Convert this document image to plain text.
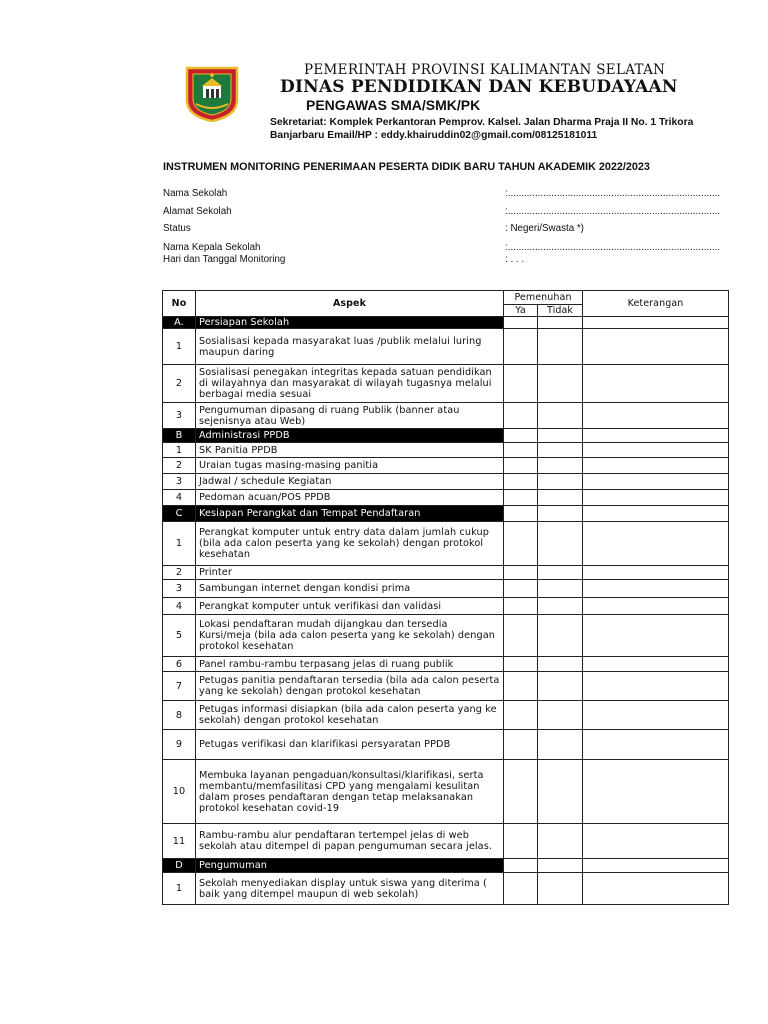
PEMERINTAH PROVINSI KALIMANTAN SELATAN
DINAS PENDIDIKAN DAN KEBUDAYAAN
PENGAWAS SMA/SMK/PK
Sekretariat: Komplek Perkantoran Pemprov. Kalsel. Jalan Dharma Praja II No. 1 Trikora
Banjarbaru Email/HP : eddy.khairuddin02@gmail.com/08125181011
INSTRUMEN MONITORING PENERIMAAN PESERTA DIDIK BARU TAHUN AKADEMIK 2022/2023
Nama Sekolah	:..............................................................................
Alamat Sekolah	:..............................................................................
Status	: Negeri/Swasta *)
Nama Kepala Sekolah	:..............................................................................
Hari dan Tanggal Monitoring	: . . .
No	Aspek	Pemenuhan		Keterangan
		Ya	Tidak	
A.	Persiapan Sekolah			
1	Sosialisasi kepada masyarakat luas /publik melalui luring maupun daring			
2	Sosialisasi penegakan integritas kepada satuan pendidikan di wilayahnya dan masyarakat di wilayah tugasnya melalui berbagai media sesuai			
3	Pengumuman dipasang di ruang Publik (banner atau sejenisnya atau Web)			
B	Administrasi PPDB			
1	SK Panitia PPDB			
2	Uraian tugas masing-masing panitia			
3	Jadwal / schedule Kegiatan			
4	Pedoman acuan/POS PPDB			
C	Kesiapan Perangkat dan Tempat Pendaftaran			
1	Perangkat komputer untuk entry data dalam jumlah cukup (bila ada calon peserta yang ke sekolah) dengan protokol kesehatan			
2	Printer			
3	Sambungan internet dengan kondisi prima			
4	Perangkat komputer untuk verifikasi dan validasi			
5	Lokasi pendaftaran mudah dijangkau dan tersedia Kursi/meja (bila ada calon peserta yang ke sekolah) dengan protokol kesehatan			
6	Panel rambu-rambu terpasang jelas di ruang publik			
7	Petugas panitia pendaftaran tersedia (bila ada calon peserta yang ke sekolah) dengan protokol kesehatan			
8	Petugas informasi disiapkan (bila ada calon peserta yang ke sekolah) dengan protokol kesehatan			
9	Petugas verifikasi dan klarifikasi persyaratan PPDB			
10	Membuka layanan pengaduan/konsultasi/klarifikasi, serta membantu/memfasilitasi CPD yang mengalami kesulitan dalam proses pendaftaran dengan tetap melaksanakan protokol kesehatan covid-19			
11	Rambu-rambu alur pendaftaran tertempel jelas di web sekolah atau ditempel di papan pengumuman secara jelas.			
D	Pengumuman			
1	Sekolah menyediakan display untuk siswa yang diterima ( baik yang ditempel maupun di web sekolah)			
